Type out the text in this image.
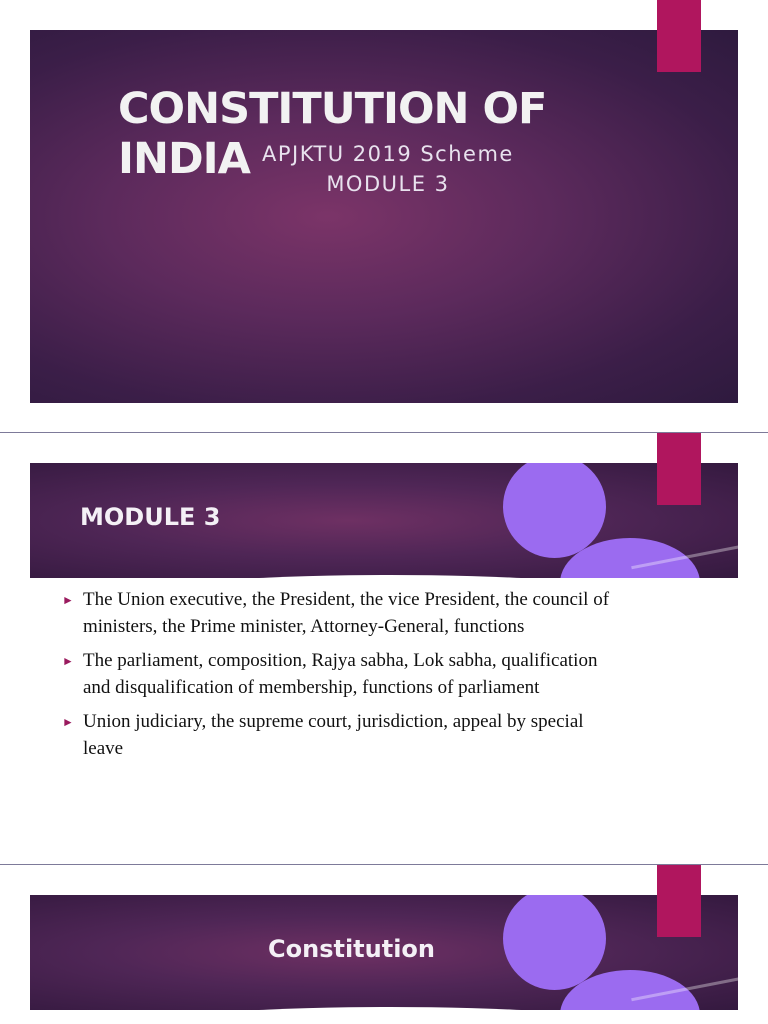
CONSTITUTION OF
INDIA APJKTU 2019 Scheme
MODULE 3

MODULE 3
► The Union executive, the President, the vice President, the council of ministers, the Prime minister, Attorney-General, functions
► The parliament, composition, Rajya sabha, Lok sabha, qualification and disqualification of membership, functions of parliament
► Union judiciary, the supreme court, jurisdiction, appeal by special leave
Constitution
